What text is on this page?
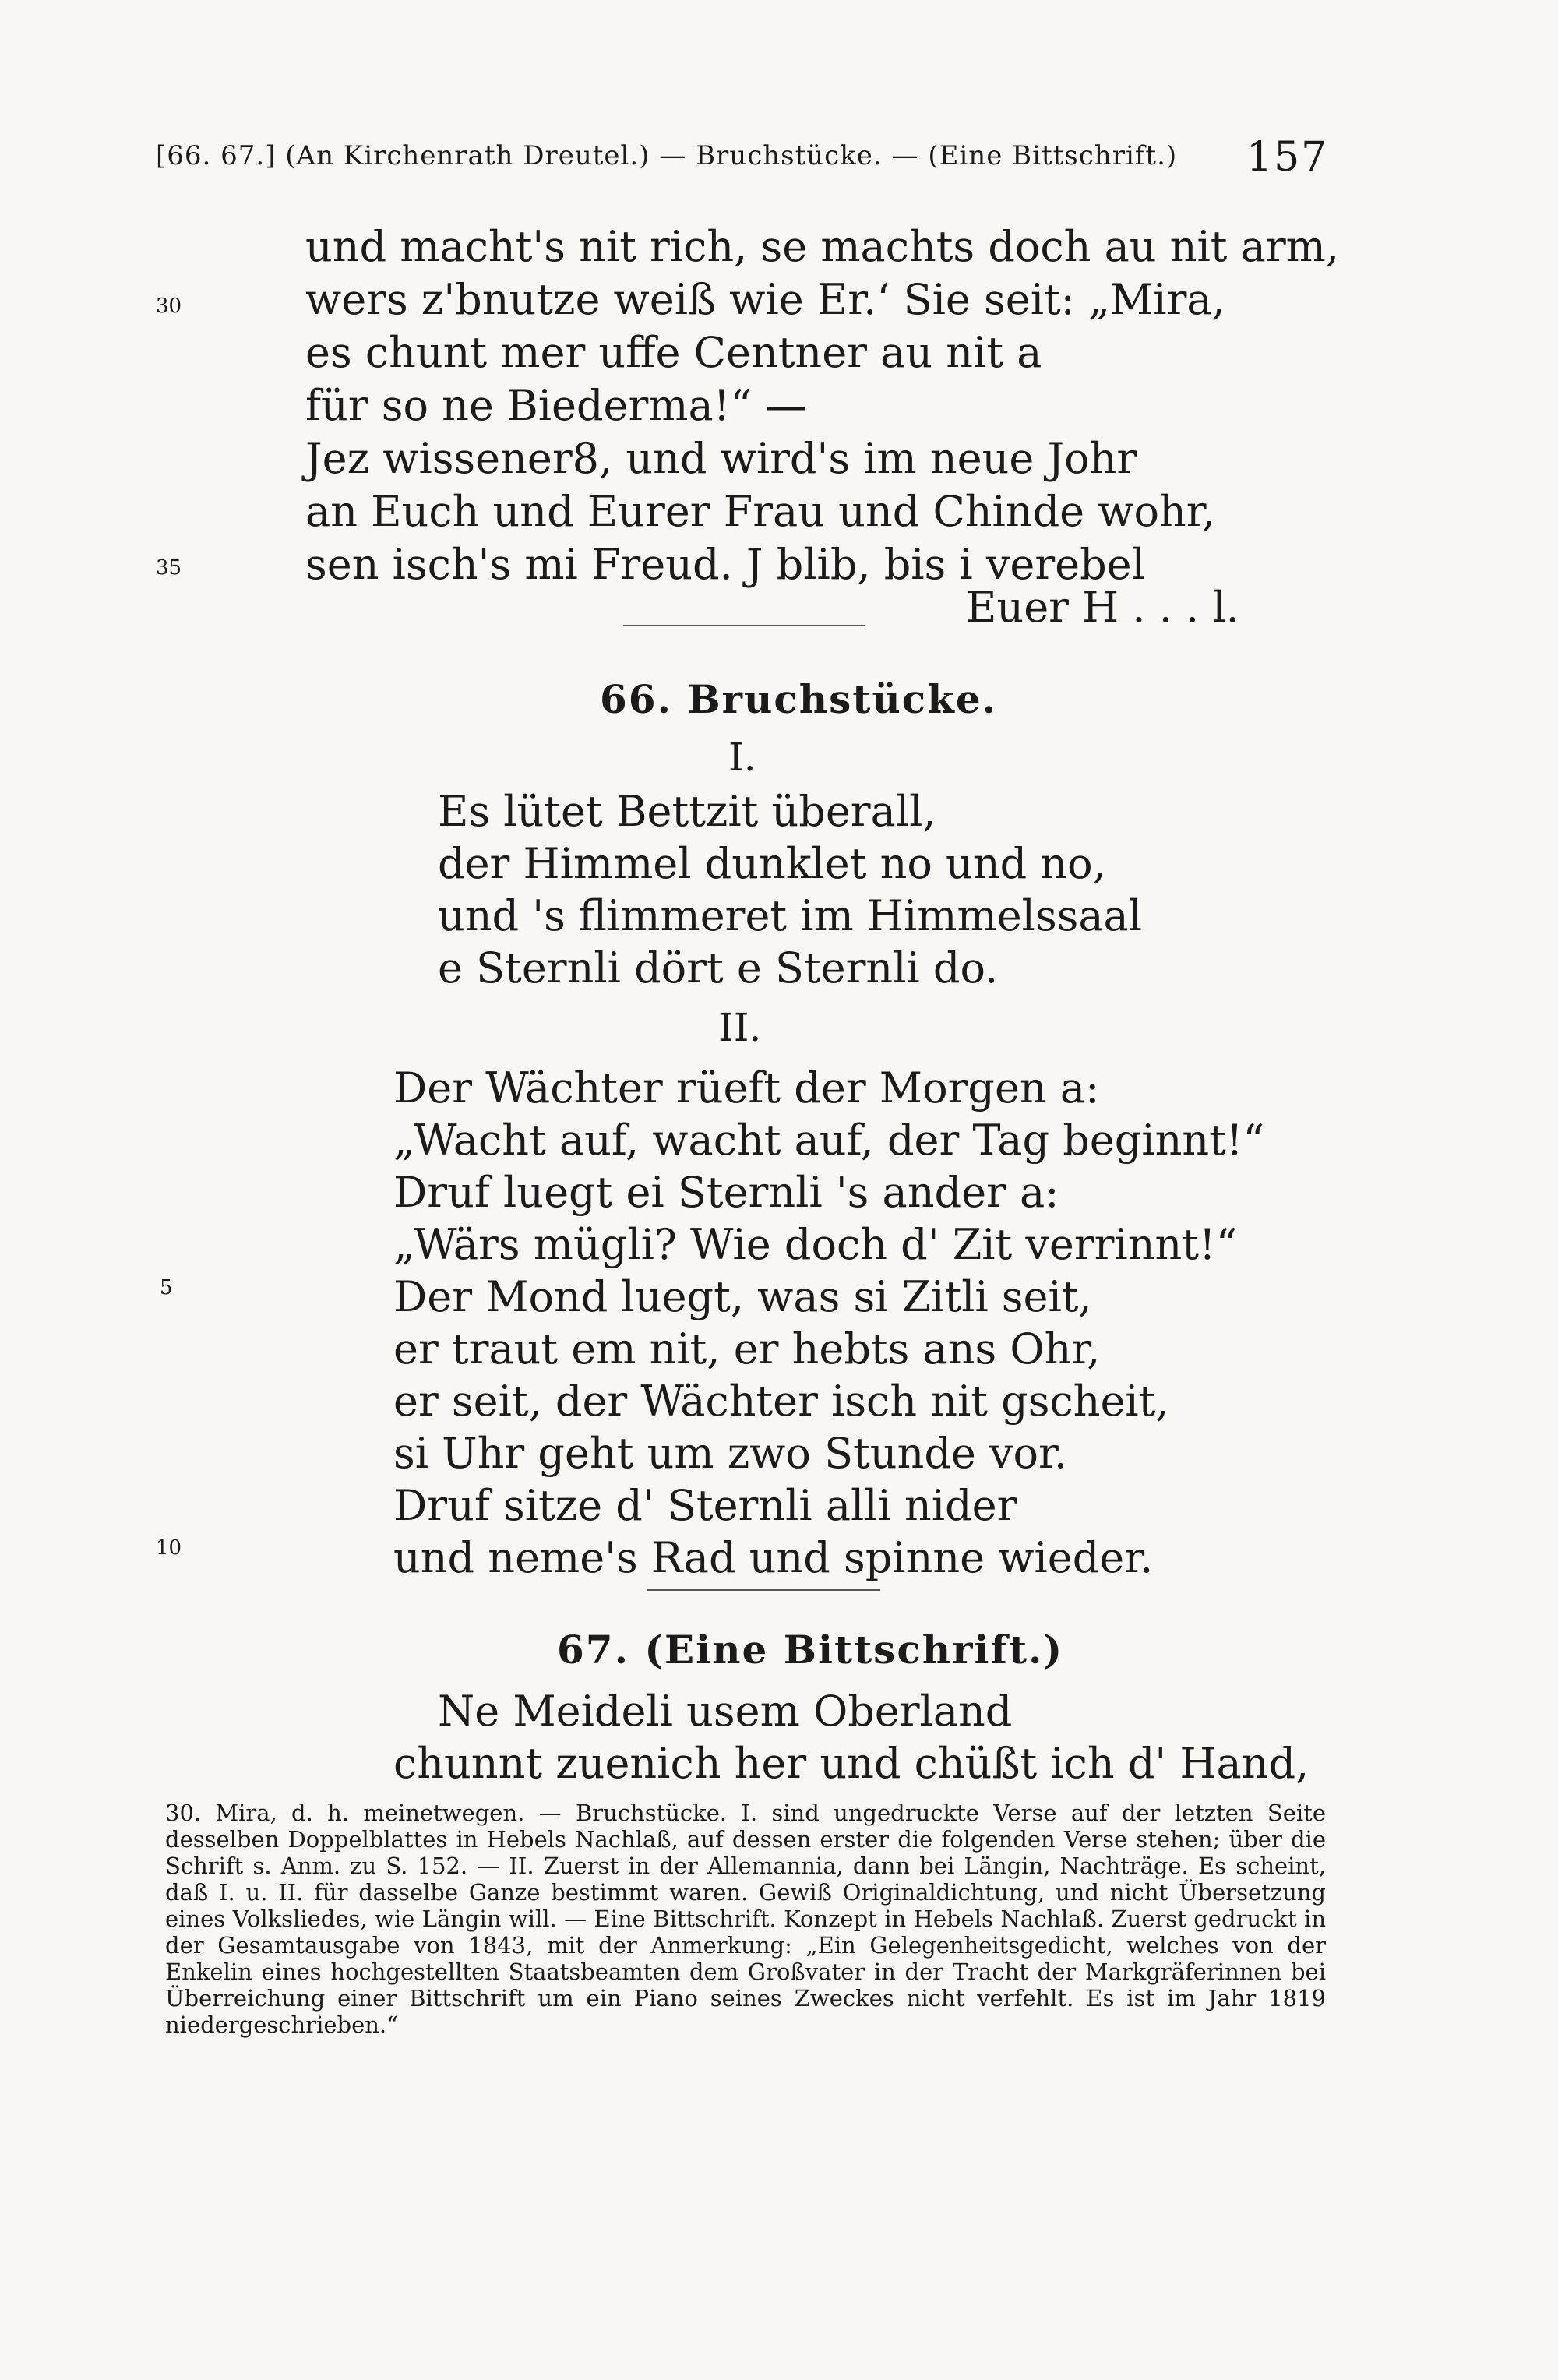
[66. 67.] (An Kirchenrath Dreutel.) — Bruchstücke. — (Eine Bittschrift.) 157
und macht's nit rich, se machts doch au nit arm,
wers z'bnutze weiß wie Er.‘ Sie seit: „Mira,
es chunt mer uffe Centner au nit a
für so ne Biederma!“ —
Jez wissener8, und wird's im neue Johr
an Euch und Eurer Frau und Chinde wohr,
sen isch's mi Freud. J blib, bis i verebel
Euer H . . . l.
30
35
66. Bruchstücke.
I.
Es lütet Bettzit überall,
der Himmel dunklet no und no,
und 's flimmeret im Himmelssaal
e Sternli dört e Sternli do.
II.
Der Wächter rüeft der Morgen a:
„Wacht auf, wacht auf, der Tag beginnt!“
Druf luegt ei Sternli 's ander a:
„Wärs mügli? Wie doch d' Zit verrinnt!“
Der Mond luegt, was si Zitli seit,
er traut em nit, er hebts ans Ohr,
er seit, der Wächter isch nit gscheit,
si Uhr geht um zwo Stunde vor.
Druf sitze d' Sternli alli nider
und neme's Rad und spinne wieder.
5
10
67. (Eine Bittschrift.)
Ne Meideli usem Oberland
chunnt zuenich her und chüßt ich d' Hand,

30. Mira, d. h. meinetwegen. — Bruchstücke. I. sind ungedruckte Verse auf der letzten Seite desselben Doppelblattes in Hebels Nachlaß, auf dessen erster die folgenden Verse stehen; über die Schrift s. Anm. zu S. 152. — II. Zuerst in der Allemannia, dann bei Längin, Nachträge. Es scheint, daß I. u. II. für dasselbe Ganze bestimmt waren. Gewiß Originaldichtung, und nicht Übersetzung eines Volksliedes, wie Längin will. — Eine Bittschrift. Konzept in Hebels Nachlaß. Zuerst gedruckt in der Gesamtausgabe von 1843, mit der Anmerkung: „Ein Gelegenheitsgedicht, welches von der Enkelin eines hochgestellten Staatsbeamten dem Großvater in der Tracht der Markgräferinnen bei Überreichung einer Bittschrift um ein Piano seines Zweckes nicht verfehlt. Es ist im Jahr 1819 niedergeschrieben.“
